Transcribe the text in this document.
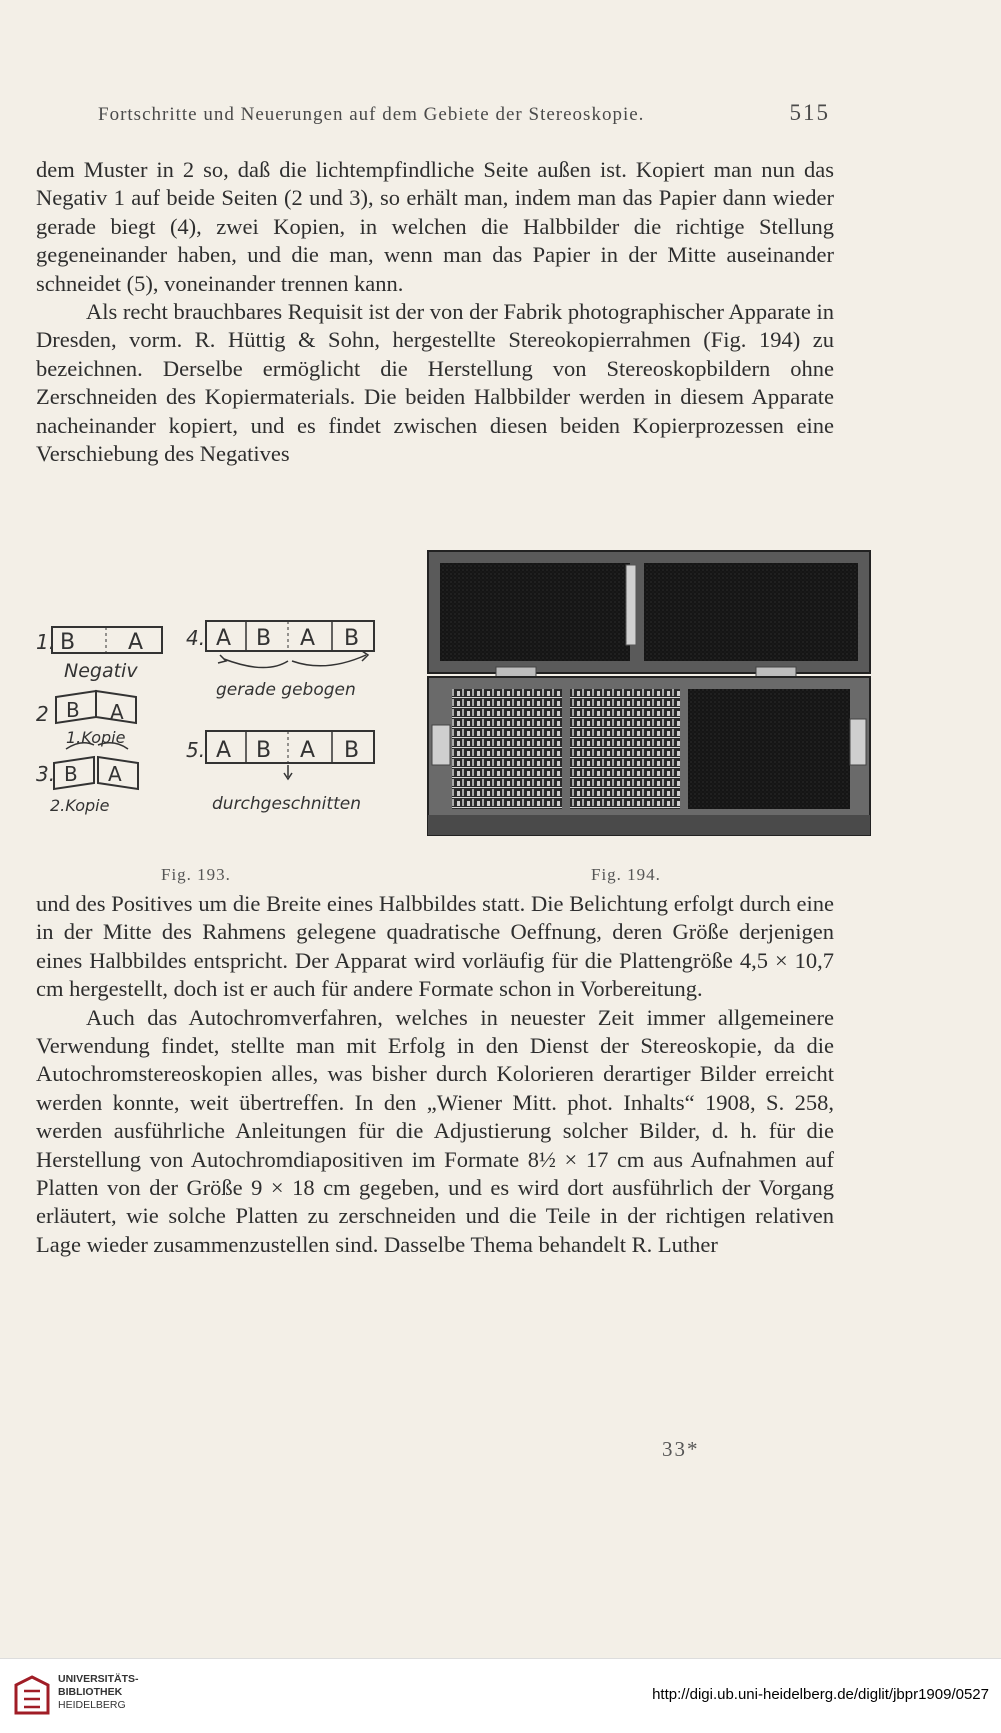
Fortschritte und Neuerungen auf dem Gebiete der Stereoskopie.	515

dem Muster in 2 so, daß die lichtempfindliche Seite außen ist. Kopiert man nun das Negativ 1 auf beide Seiten (2 und 3), so erhält man, indem man das Papier dann wieder gerade biegt (4), zwei Kopien, in welchen die Halbbilder die richtige Stellung gegeneinander haben, und die man, wenn man das Papier in der Mitte auseinander schneidet (5), voneinander trennen kann.

Als recht brauchbares Requisit ist der von der Fabrik photographischer Apparate in Dresden, vorm. R. Hüttig & Sohn, hergestellte Stereokopierrahmen (Fig. 194) zu bezeichnen. Derselbe ermöglicht die Herstellung von Stereoskopbildern ohne Zerschneiden des Kopiermaterials. Die beiden Halbbilder werden in diesem Apparate nacheinander kopiert, und es findet zwischen diesen beiden Kopierprozessen eine Verschiebung des Negatives

1. B A
Negativ
2 B A
1.Kopie
3. B A
2.Kopie
4. A B A B
gerade gebogen
5. A B A B
durchgeschnitten
Fig. 193.	Fig. 194.

und des Positives um die Breite eines Halbbildes statt. Die Belichtung erfolgt durch eine in der Mitte des Rahmens gelegene quadratische Oeffnung, deren Größe derjenigen eines Halbbildes entspricht. Der Apparat wird vorläufig für die Plattengröße 4,5 × 10,7 cm hergestellt, doch ist er auch für andere Formate schon in Vorbereitung.

Auch das Autochromverfahren, welches in neuester Zeit immer allgemeinere Verwendung findet, stellte man mit Erfolg in den Dienst der Stereoskopie, da die Autochromstereoskopien alles, was bisher durch Kolorieren derartiger Bilder erreicht werden konnte, weit übertreffen. In den „Wiener Mitt. phot. Inhalts“ 1908, S. 258, werden ausführliche Anleitungen für die Adjustierung solcher Bilder, d. h. für die Herstellung von Autochromdiapositiven im Formate 8½ × 17 cm aus Aufnahmen auf Platten von der Größe 9 × 18 cm gegeben, und es wird dort ausführlich der Vorgang erläutert, wie solche Platten zu zerschneiden und die Teile in der richtigen relativen Lage wieder zusammenzustellen sind. Dasselbe Thema behandelt R. Luther

33*
UNIVERSITÄTS-
BIBLIOTHEK
HEIDELBERG
http://digi.ub.uni-heidelberg.de/diglit/jbpr1909/0527
